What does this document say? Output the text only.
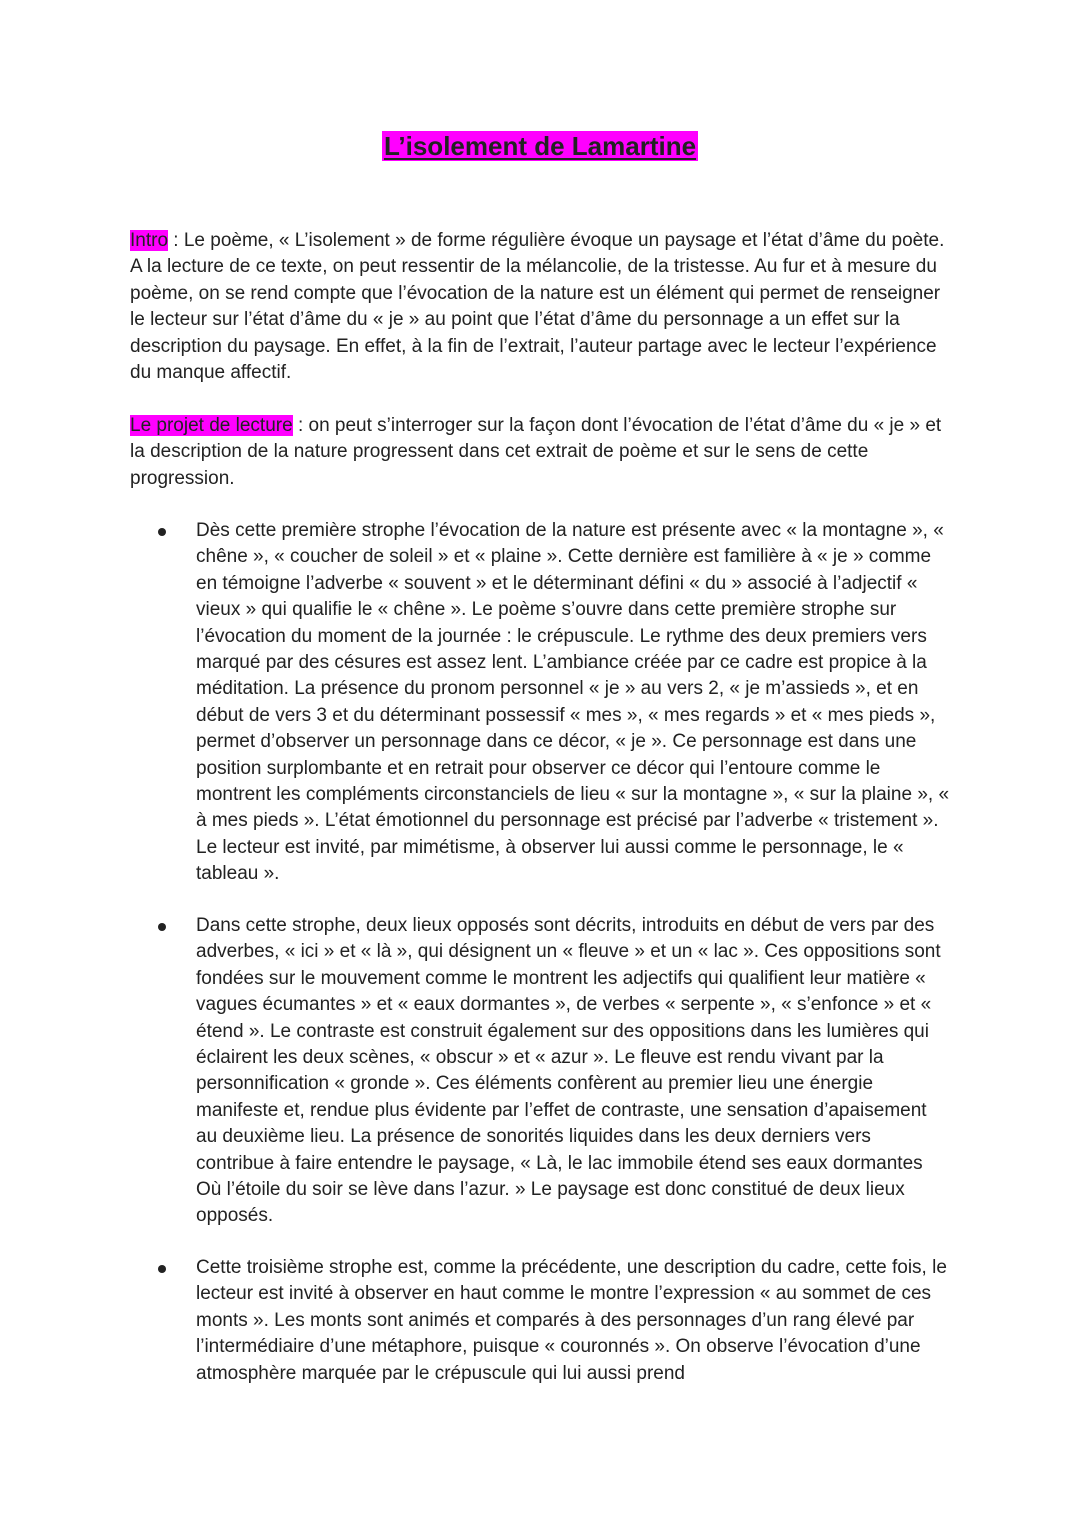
L’isolement de Lamartine

Intro : Le poème, « L’isolement » de forme régulière évoque un paysage et l’état d’âme du poète. A la lecture de ce texte, on peut ressentir de la mélancolie, de la tristesse. Au fur et à mesure du poème, on se rend compte que l’évocation de la nature est un élément qui permet de renseigner le lecteur sur l’état d’âme du « je » au point que l’état d’âme du personnage a un effet sur la description du paysage. En effet, à la fin de l’extrait, l’auteur partage avec le lecteur l’expérience du manque affectif.

Le projet de lecture : on peut s’interroger sur la façon dont l’évocation de l’état d’âme du « je » et la description de la nature progressent dans cet extrait de poème et sur le sens de cette progression.

Dès cette première strophe l’évocation de la nature est présente avec « la montagne », « chêne », « coucher de soleil » et « plaine ». Cette dernière est familière à « je » comme en témoigne l’adverbe « souvent » et le déterminant défini « du » associé à l’adjectif « vieux » qui qualifie le « chêne ». Le poème s’ouvre dans cette première strophe sur l’évocation du moment de la journée : le crépuscule. Le rythme des deux premiers vers marqué par des césures est assez lent. L’ambiance créée par ce cadre est propice à la méditation. La présence du pronom personnel « je » au vers 2, « je m’assieds », et en début de vers 3 et du déterminant possessif « mes », « mes regards » et « mes pieds », permet d’observer un personnage dans ce décor, « je ». Ce personnage est dans une position surplombante et en retrait pour observer ce décor qui l’entoure comme le montrent les compléments circonstanciels de lieu « sur la montagne », « sur la plaine », « à mes pieds ». L’état émotionnel du personnage est précisé par l’adverbe « tristement ». Le lecteur est invité, par mimétisme, à observer lui aussi comme le personnage, le « tableau ».
Dans cette strophe, deux lieux opposés sont décrits, introduits en début de vers par des adverbes, « ici » et « là », qui désignent un « fleuve » et un « lac ». Ces oppositions sont fondées sur le mouvement comme le montrent les adjectifs qui qualifient leur matière « vagues écumantes » et « eaux dormantes », de verbes « serpente », « s’enfonce » et « étend ». Le contraste est construit également sur des oppositions dans les lumières qui éclairent les deux scènes, « obscur » et « azur ». Le fleuve est rendu vivant par la personnification « gronde ». Ces éléments confèrent au premier lieu une énergie manifeste et, rendue plus évidente par l’effet de contraste, une sensation d’apaisement au deuxième lieu. La présence de sonorités liquides dans les deux derniers vers contribue à faire entendre le paysage, « Là, le lac immobile étend ses eaux dormantes Où l’étoile du soir se lève dans l’azur. » Le paysage est donc constitué de deux lieux opposés.
Cette troisième strophe est, comme la précédente, une description du cadre, cette fois, le lecteur est invité à observer en haut comme le montre l’expression « au sommet de ces monts ». Les monts sont animés et comparés à des personnages d’un rang élevé par l’intermédiaire d’une métaphore, puisque « couronnés ». On observe l’évocation d’une atmosphère marquée par le crépuscule qui lui aussi prend
